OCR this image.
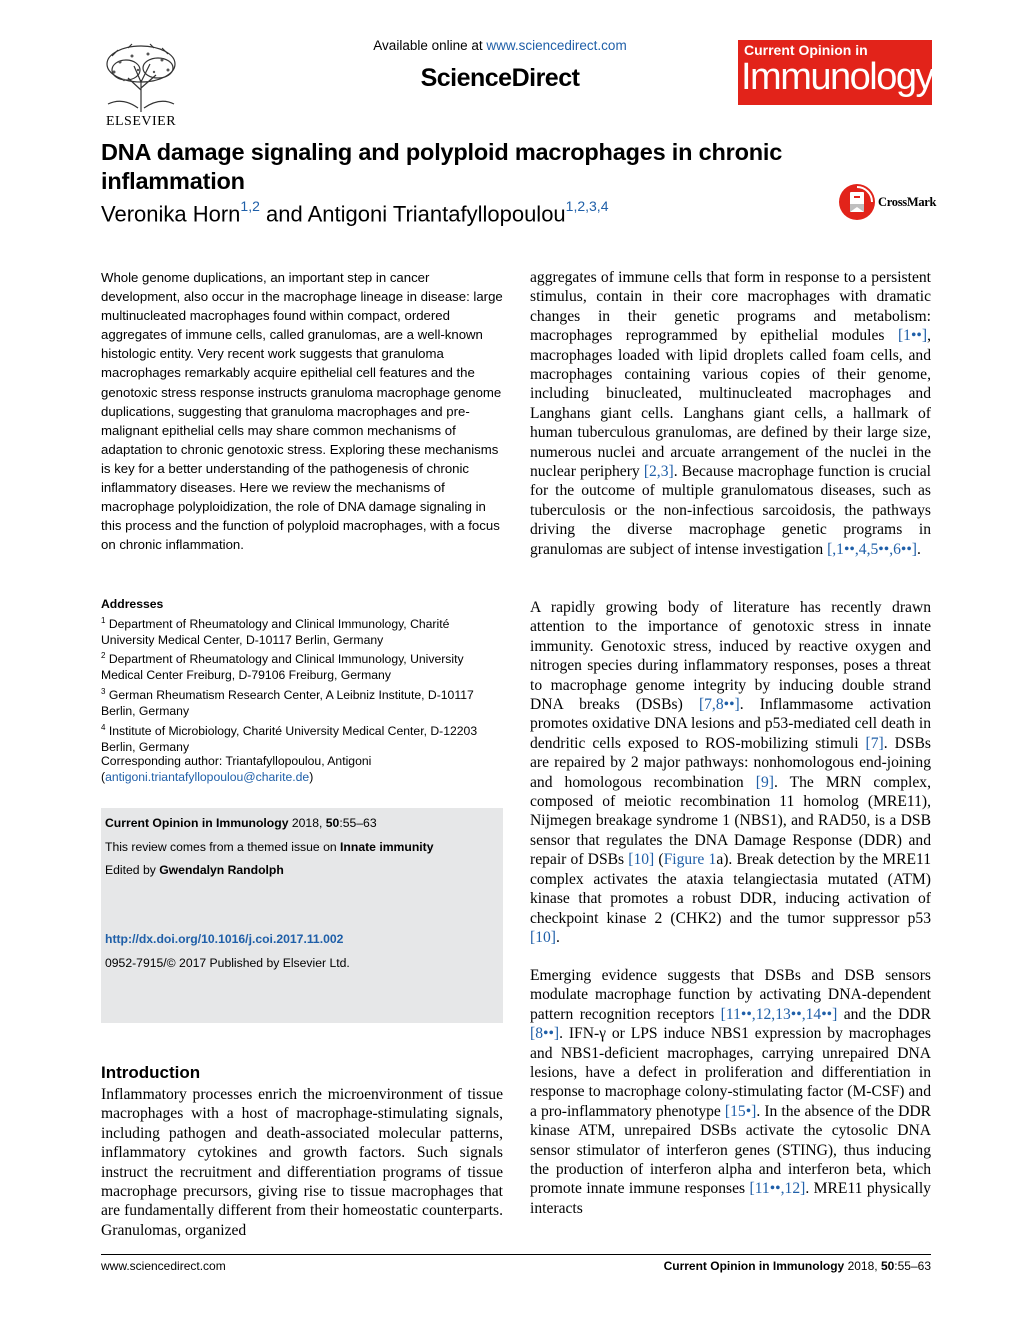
ELSEVIER
Available online at www.sciencedirect.com
ScienceDirect
Current Opinion in
Immunology
DNA damage signaling and polyploid macrophages in chronic inflammation
Veronika Horn$^{1,2}$ and Antigoni Triantafyllopoulou$^{1,2,3,4}$	CrossMark
Whole genome duplications, an important step in cancer development, also occur in the macrophage lineage in disease: large multinucleated macrophages found within compact, ordered aggregates of immune cells, called granulomas, are a well-known histologic entity. Very recent work suggests that granuloma macrophages remarkably acquire epithelial cell features and the genotoxic stress response instructs granuloma macrophage genome duplications, suggesting that granuloma macrophages and pre-malignant epithelial cells may share common mechanisms of adaptation to chronic genotoxic stress. Exploring these mechanisms is key for a better understanding of the pathogenesis of chronic inflammatory diseases. Here we review the mechanisms of macrophage polyploidization, the role of DNA damage signaling in this process and the function of polyploid macrophages, with a focus on chronic inflammation.
Addresses
$^1$ Department of Rheumatology and Clinical Immunology, Charité University Medical Center, D-10117 Berlin, Germany
$^2$ Department of Rheumatology and Clinical Immunology, University Medical Center Freiburg, D-79106 Freiburg, Germany
$^3$ German Rheumatism Research Center, A Leibniz Institute, D-10117 Berlin, Germany
$^4$ Institute of Microbiology, Charité University Medical Center, D-12203 Berlin, Germany
Corresponding author: Triantafyllopoulou, Antigoni (antigoni.triantafyllopoulou@charite.de)
Current Opinion in Immunology 2018, 50:55–63
This review comes from a themed issue on Innate immunity
Edited by Gwendalyn Randolph
http://dx.doi.org/10.1016/j.coi.2017.11.002
0952-7915/© 2017 Published by Elsevier Ltd.
Introduction
Inflammatory processes enrich the microenvironment of tissue macrophages with a host of macrophage-stimulating signals, including pathogen and death-associated molecular patterns, inflammatory cytokines and growth factors. Such signals instruct the recruitment and differentiation programs of tissue macrophage precursors, giving rise to tissue macrophages that are fundamentally different from their homeostatic counterparts. Granulomas, organized
aggregates of immune cells that form in response to a persistent stimulus, contain in their core macrophages with dramatic changes in their genetic programs and metabolism: macrophages reprogrammed by epithelial modules [1••], macrophages loaded with lipid droplets called foam cells, and macrophages containing various copies of their genome, including binucleated, multinucleated macrophages and Langhans giant cells. Langhans giant cells, a hallmark of human tuberculous granulomas, are defined by their large size, numerous nuclei and arcuate arrangement of the nuclei in the nuclear periphery [2,3]. Because macrophage function is crucial for the outcome of multiple granulomatous diseases, such as tuberculosis or the non-infectious sarcoidosis, the pathways driving the diverse macrophage genetic programs in granulomas are subject of intense investigation [,1••,4,5••,6••].
A rapidly growing body of literature has recently drawn attention to the importance of genotoxic stress in innate immunity. Genotoxic stress, induced by reactive oxygen and nitrogen species during inflammatory responses, poses a threat to macrophage genome integrity by inducing double strand DNA breaks (DSBs) [7,8••]. Inflammasome activation promotes oxidative DNA lesions and p53-mediated cell death in dendritic cells exposed to ROS-mobilizing stimuli [7]. DSBs are repaired by 2 major pathways: nonhomologous end-joining and homologous recombination [9]. The MRN complex, composed of meiotic recombination 11 homolog (MRE11), Nijmegen breakage syndrome 1 (NBS1), and RAD50, is a DSB sensor that regulates the DNA Damage Response (DDR) and repair of DSBs [10] (Figure 1a). Break detection by the MRE11 complex activates the ataxia telangiectasia mutated (ATM) kinase that promotes a robust DDR, inducing activation of checkpoint kinase 2 (CHK2) and the tumor suppressor p53 [10].
Emerging evidence suggests that DSBs and DSB sensors modulate macrophage function by activating DNA-dependent pattern recognition receptors [11••,12,13••,14••] and the DDR [8••]. IFN-γ or LPS induce NBS1 expression by macrophages and NBS1-deficient macrophages, carrying unrepaired DNA lesions, have a defect in proliferation and differentiation in response to macrophage colony-stimulating factor (M-CSF) and a pro-inflammatory phenotype [15•]. In the absence of the DDR kinase ATM, unrepaired DSBs activate the cytosolic DNA sensor stimulator of interferon genes (STING), thus inducing the production of interferon alpha and interferon beta, which promote innate immune responses [11••,12]. MRE11 physically interacts
www.sciencedirect.com	Current Opinion in Immunology 2018, 50:55–63
